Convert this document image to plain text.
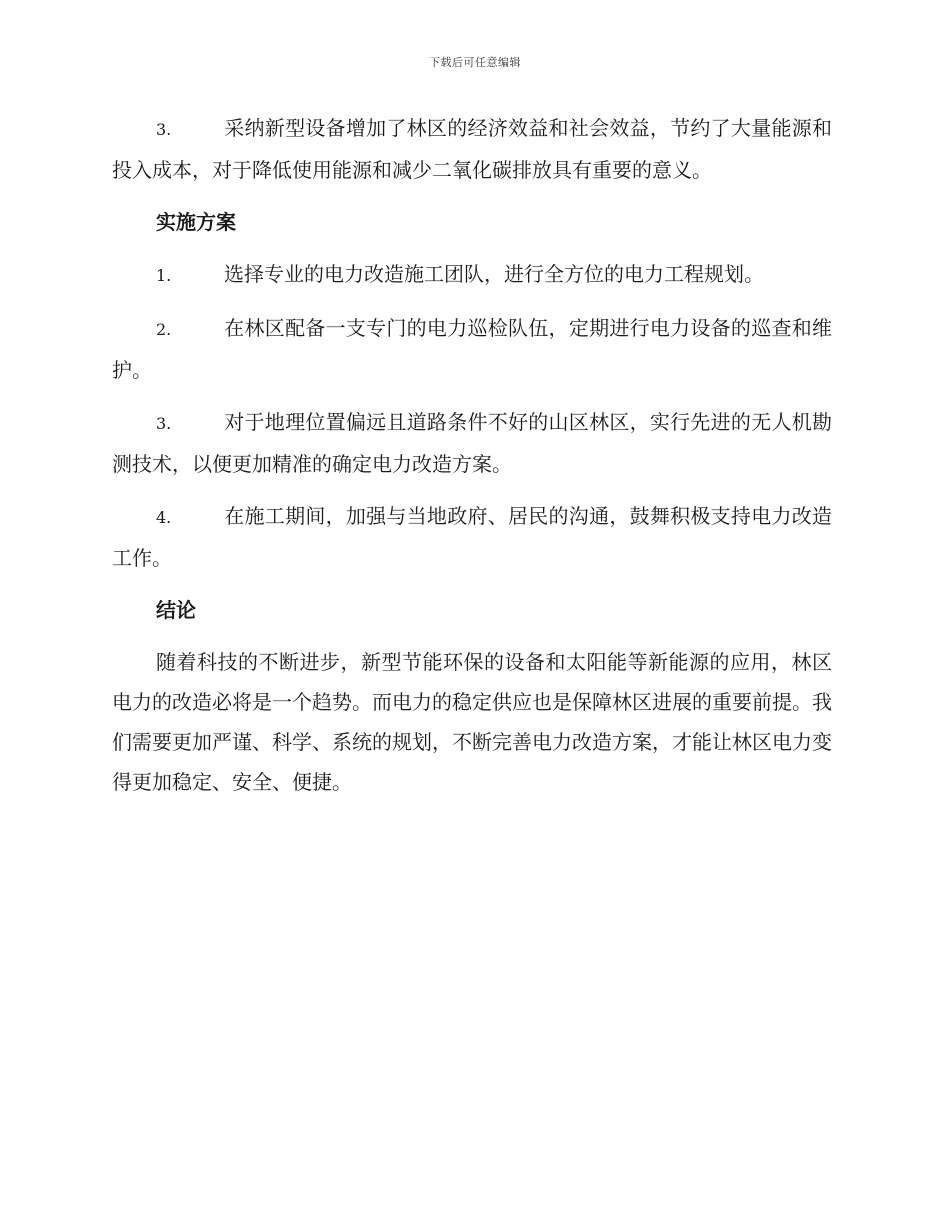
下载后可任意编辑

3.	采纳新型设备增加了林区的经济效益和社会效益，节约了大量能源和投入成本，对于降低使用能源和减少二氧化碳排放具有重要的意义。

实施方案

1.	选择专业的电力改造施工团队，进行全方位的电力工程规划。

2.	在林区配备一支专门的电力巡检队伍，定期进行电力设备的巡查和维护。

3.	对于地理位置偏远且道路条件不好的山区林区，实行先进的无人机勘测技术，以便更加精准的确定电力改造方案。

4.	在施工期间，加强与当地政府、居民的沟通，鼓舞积极支持电力改造工作。

结论

随着科技的不断进步，新型节能环保的设备和太阳能等新能源的应用，林区电力的改造必将是一个趋势。而电力的稳定供应也是保障林区进展的重要前提。我们需要更加严谨、科学、系统的规划，不断完善电力改造方案，才能让林区电力变得更加稳定、安全、便捷。
